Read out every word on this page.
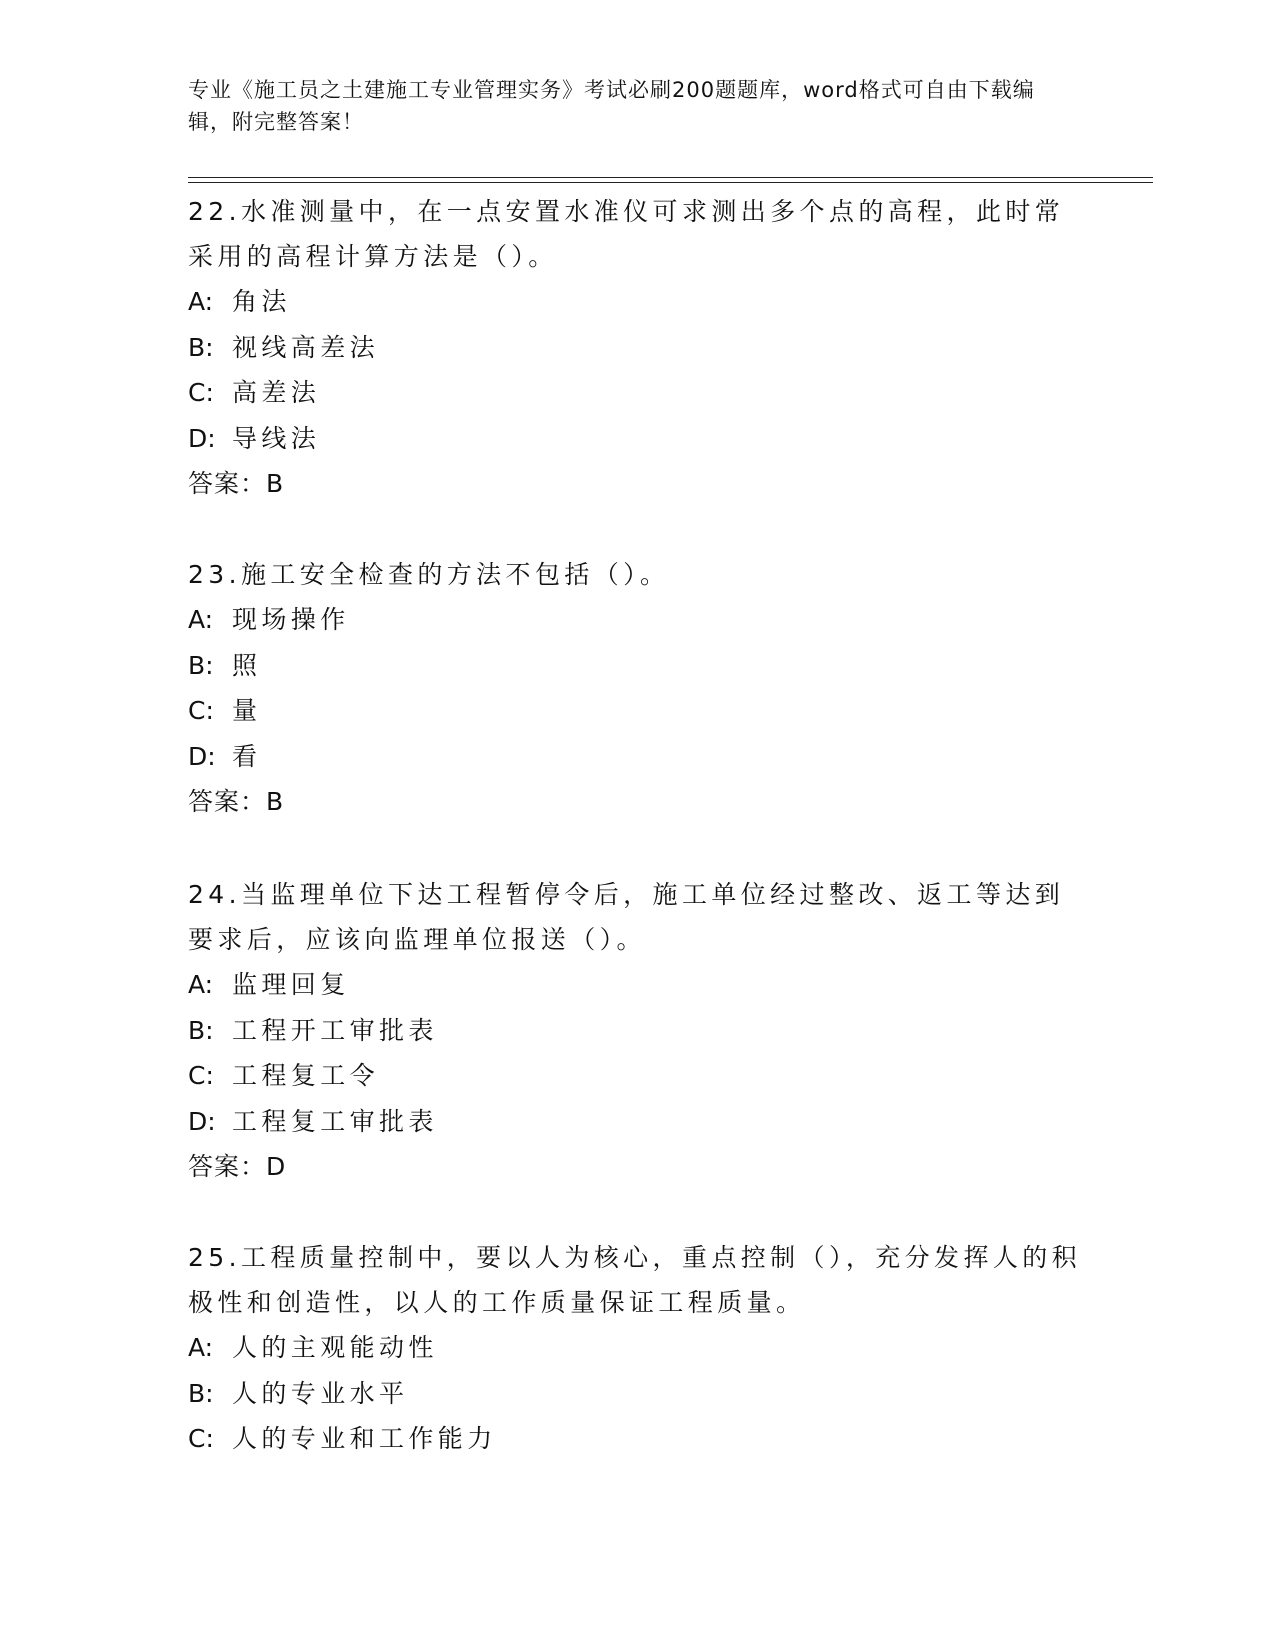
专业《施工员之土建施工专业管理实务》考试必刷200题题库，word格式可自由下载编辑，附完整答案！
22.水准测量中，在一点安置水准仪可求测出多个点的高程，此时常采用的高程计算方法是（）。
A: 角法
B: 视线高差法
C: 高差法
D: 导线法
答案：B
23.施工安全检查的方法不包括（）。
A: 现场操作
B: 照
C: 量
D: 看
答案：B
24.当监理单位下达工程暂停令后，施工单位经过整改、返工等达到要求后，应该向监理单位报送（）。
A: 监理回复
B: 工程开工审批表
C: 工程复工令
D: 工程复工审批表
答案：D
25.工程质量控制中，要以人为核心，重点控制（），充分发挥人的积极性和创造性，以人的工作质量保证工程质量。
A: 人的主观能动性
B: 人的专业水平
C: 人的专业和工作能力
